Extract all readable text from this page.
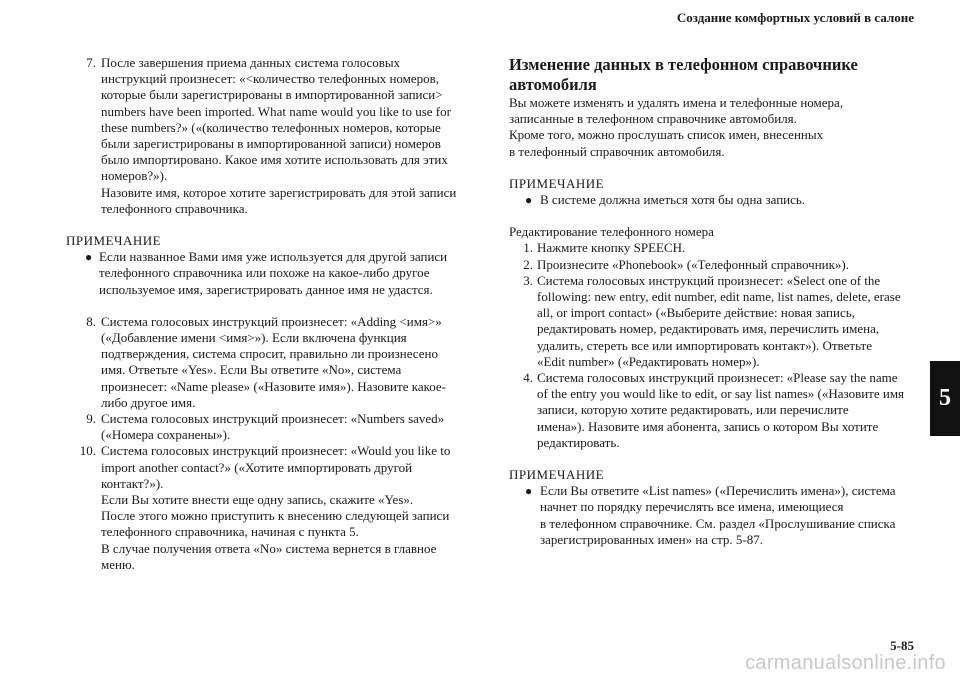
Создание комфортных условий в салоне
7. После завершения приема данных система голосовых
инструкций произнесет: «<количество телефонных номеров,
которые были зарегистрированы в импортированной записи>
numbers have been imported. What name would you like to use for
these numbers?» («(количество телефонных номеров, которые
были зарегистрированы в импортированной записи) номеров
было импортировано. Какое имя хотите использовать для этих
номеров?»).
Назовите имя, которое хотите зарегистрировать для этой записи
телефонного справочника.
ПРИМЕЧАНИЕ
● Если названное Вами имя уже используется для другой записи
телефонного справочника или похоже на какое-либо другое
используемое имя, зарегистрировать данное имя не удастся.
8. Система голосовых инструкций произнесет: «Adding <имя>»
(«Добавление имени <имя>»). Если включена функция
подтверждения, система спросит, правильно ли произнесено
имя. Ответьте «Yes». Если Вы ответите «No», система
произнесет: «Name please» («Назовите имя»). Назовите какое-
либо другое имя.
9. Система голосовых инструкций произнесет: «Numbers saved»
(«Номера сохранены»).
10. Система голосовых инструкций произнесет: «Would you like to
import another contact?» («Хотите импортировать другой
контакт?»).
Если Вы хотите внести еще одну запись, скажите «Yes».
После этого можно приступить к внесению следующей записи
телефонного справочника, начиная с пункта 5.
В случае получения ответа «No» система вернется в главное
меню.
Изменение данных в телефонном справочнике автомобиля
Вы можете изменять и удалять имена и телефонные номера,
записанные в телефонном справочнике автомобиля.
Кроме того, можно прослушать список имен, внесенных
в телефонный справочник автомобиля.
ПРИМЕЧАНИЕ
● В системе должна иметься хотя бы одна запись.
Редактирование телефонного номера
1. Нажмите кнопку SPEECH.
2. Произнесите «Phonebook» («Телефонный справочник»).
3. Система голосовых инструкций произнесет: «Select one of the
following: new entry, edit number, edit name, list names, delete, erase
all, or import contact» («Выберите действие: новая запись,
редактировать номер, редактировать имя, перечислить имена,
удалить, стереть все или импортировать контакт»). Ответьте
«Edit number» («Редактировать номер»).
4. Система голосовых инструкций произнесет: «Please say the name
of the entry you would like to edit, or say list names» («Назовите имя
записи, которую хотите редактировать, или перечислите
имена»). Назовите имя абонента, запись о котором Вы хотите
редактировать.
ПРИМЕЧАНИЕ
● Если Вы ответите «List names» («Перечислить имена»), система
начнет по порядку перечислять все имена, имеющиеся
в телефонном справочнике. См. раздел «Прослушивание списка
зарегистрированных имен» на стр. 5-87.
5
5-85
carmanualsonline.info
